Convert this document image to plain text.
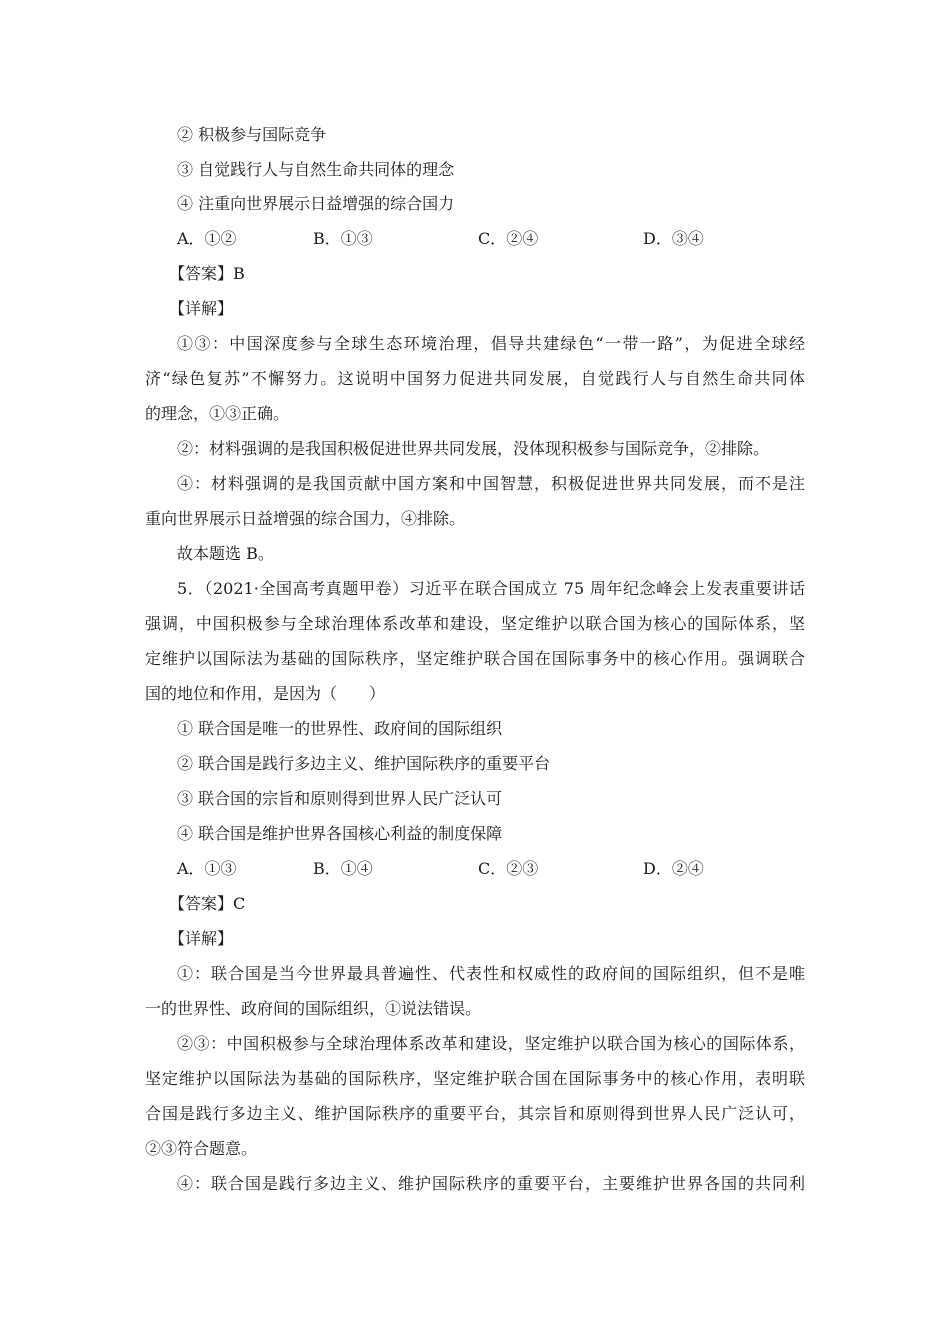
② 积极参与国际竞争
③ 自觉践行人与自然生命共同体的理念
④ 注重向世界展示日益增强的综合国力
A．①②	B．①③	C．②④	D．③④
【答案】B
【详解】
①③：中国深度参与全球生态环境治理，倡导共建绿色“一带一路”，为促进全球经
济“绿色复苏”不懈努力。这说明中国努力促进共同发展，自觉践行人与自然生命共同体
的理念，①③正确。
②：材料强调的是我国积极促进世界共同发展，没体现积极参与国际竞争，②排除。
④：材料强调的是我国贡献中国方案和中国智慧，积极促进世界共同发展，而不是注
重向世界展示日益增强的综合国力，④排除。
故本题选 B。
5．（2021·全国高考真题甲卷）习近平在联合国成立 75 周年纪念峰会上发表重要讲话
强调，中国积极参与全球治理体系改革和建设，坚定维护以联合国为核心的国际体系，坚
定维护以国际法为基础的国际秩序，坚定维护联合国在国际事务中的核心作用。强调联合
国的地位和作用，是因为（　　）
① 联合国是唯一的世界性、政府间的国际组织
② 联合国是践行多边主义、维护国际秩序的重要平台
③ 联合国的宗旨和原则得到世界人民广泛认可
④ 联合国是维护世界各国核心利益的制度保障
A．①③	B．①④	C．②③	D．②④
【答案】C
【详解】
①：联合国是当今世界最具普遍性、代表性和权威性的政府间的国际组织，但不是唯
一的世界性、政府间的国际组织，①说法错误。
②③：中国积极参与全球治理体系改革和建设，坚定维护以联合国为核心的国际体系，
坚定维护以国际法为基础的国际秩序，坚定维护联合国在国际事务中的核心作用，表明联
合国是践行多边主义、维护国际秩序的重要平台，其宗旨和原则得到世界人民广泛认可，
②③符合题意。
④：联合国是践行多边主义、维护国际秩序的重要平台，主要维护世界各国的共同利
